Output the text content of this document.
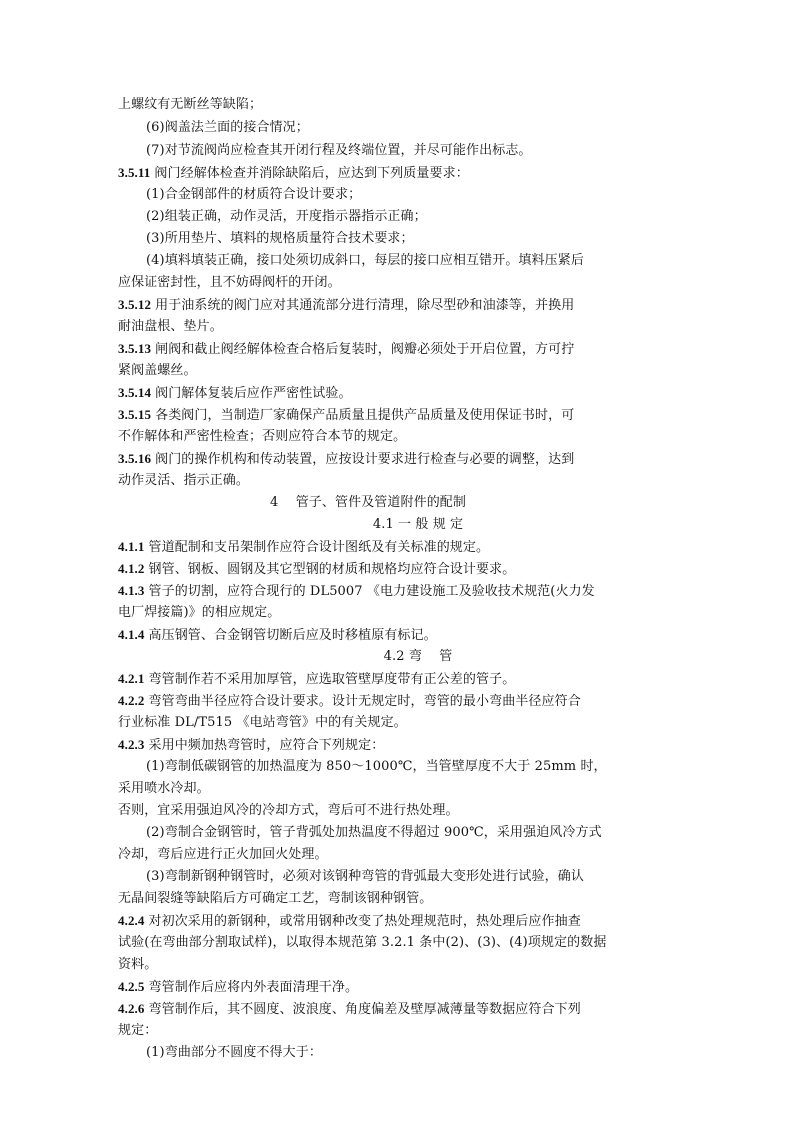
上螺纹有无断丝等缺陷；
(6)阀盖法兰面的接合情况；
(7)对节流阀尚应检查其开闭行程及终端位置，并尽可能作出标志。
3.5.11 阀门经解体检查并消除缺陷后，应达到下列质量要求：
(1)合金钢部件的材质符合设计要求；
(2)组装正确，动作灵活，开度指示器指示正确；
(3)所用垫片、填料的规格质量符合技术要求；
(4)填料填装正确，接口处须切成斜口，每层的接口应相互错开。填料压紧后
应保证密封性，且不妨碍阀杆的开闭。
3.5.12 用于油系统的阀门应对其通流部分进行清理，除尽型砂和油漆等，并换用
耐油盘根、垫片。
3.5.13 闸阀和截止阀经解体检查合格后复装时，阀瓣必须处于开启位置，方可拧
紧阀盖螺丝。
3.5.14 阀门解体复装后应作严密性试验。
3.5.15 各类阀门，当制造厂家确保产品质量且提供产品质量及使用保证书时，可
不作解体和严密性检查；否则应符合本节的规定。
3.5.16 阀门的操作机构和传动装置，应按设计要求进行检查与必要的调整，达到
动作灵活、指示正确。
4　 管子、管件及管道附件的配制
4.1 一 般 规 定
4.1.1 管道配制和支吊架制作应符合设计图纸及有关标准的规定。
4.1.2 钢管、钢板、圆钢及其它型钢的材质和规格均应符合设计要求。
4.1.3 管子的切割，应符合现行的 DL5007 《电力建设施工及验收技术规范(火力发
电厂焊接篇)》的相应规定。
4.1.4 高压钢管、合金钢管切断后应及时移植原有标记。
4.2 弯　 管
4.2.1 弯管制作若不采用加厚管，应选取管壁厚度带有正公差的管子。
4.2.2 弯管弯曲半径应符合设计要求。设计无规定时，弯管的最小弯曲半径应符合
行业标准 DL/T515 《电站弯管》中的有关规定。
4.2.3 采用中频加热弯管时，应符合下列规定：
(1)弯制低碳钢管的加热温度为 850～1000℃，当管壁厚度不大于 25mm 时，
采用喷水冷却。
否则，宜采用强迫风冷的冷却方式，弯后可不进行热处理。
(2)弯制合金钢管时，管子背弧处加热温度不得超过 900℃，采用强迫风冷方式
冷却，弯后应进行正火加回火处理。
(3)弯制新钢种钢管时，必须对该钢种弯管的背弧最大变形处进行试验，确认
无晶间裂缝等缺陷后方可确定工艺，弯制该钢种钢管。
4.2.4 对初次采用的新钢种，或常用钢种改变了热处理规范时，热处理后应作抽查
试验(在弯曲部分割取试样)，以取得本规范第 3.2.1 条中(2)、(3)、(4)项规定的数据
资料。
4.2.5 弯管制作后应将内外表面清理干净。
4.2.6 弯管制作后，其不圆度、波浪度、角度偏差及壁厚减薄量等数据应符合下列
规定：
(1)弯曲部分不圆度不得大于：
